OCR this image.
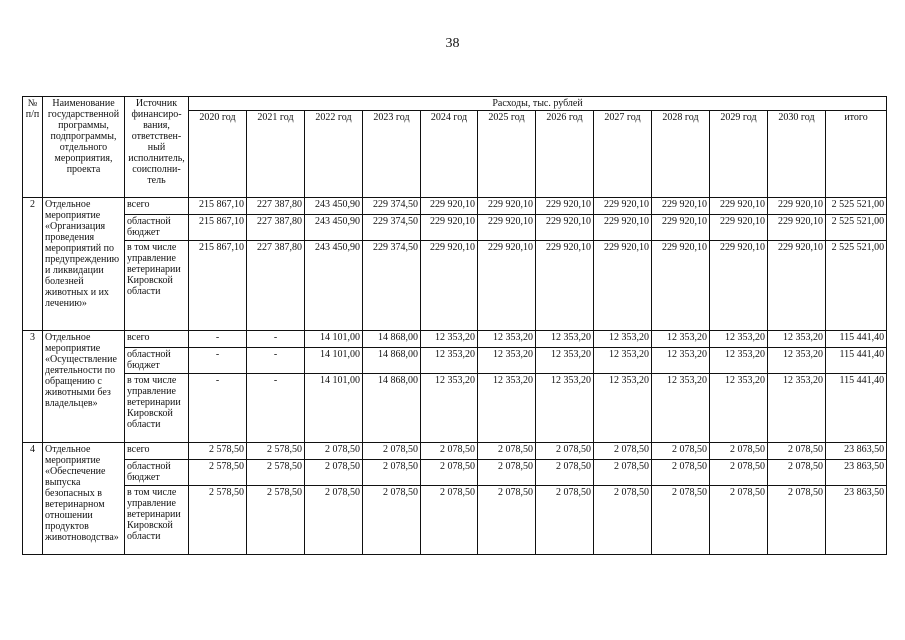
38
№ п/п	Наименование государственной программы, подпрограммы, отдельного мероприятия, проекта	Источник финансиро-вания, ответствен-ный исполнитель, соисполни-тель	Расходы, тыс. рублей											
			2020 год	2021 год	2022 год	2023 год	2024 год	2025 год	2026 год	2027 год	2028 год	2029 год	2030 год	итого
2	Отдельное мероприятие «Организация проведения мероприятий по предупреждению и ликвидации болезней животных и их лечению»	всего	215 867,10	227 387,80	243 450,90	229 374,50	229 920,10	229 920,10	229 920,10	229 920,10	229 920,10	229 920,10	229 920,10	2 525 521,00
		областной бюджет	215 867,10	227 387,80	243 450,90	229 374,50	229 920,10	229 920,10	229 920,10	229 920,10	229 920,10	229 920,10	229 920,10	2 525 521,00
		в том числе управление ветеринарии Кировской области	215 867,10	227 387,80	243 450,90	229 374,50	229 920,10	229 920,10	229 920,10	229 920,10	229 920,10	229 920,10	229 920,10	2 525 521,00
3	Отдельное мероприятие «Осуществление деятельности по обращению с животными без владельцев»	всего	-	-	14 101,00	14 868,00	12 353,20	12 353,20	12 353,20	12 353,20	12 353,20	12 353,20	12 353,20	115 441,40
		областной бюджет	-	-	14 101,00	14 868,00	12 353,20	12 353,20	12 353,20	12 353,20	12 353,20	12 353,20	12 353,20	115 441,40
		в том числе управление ветеринарии Кировской области	-	-	14 101,00	14 868,00	12 353,20	12 353,20	12 353,20	12 353,20	12 353,20	12 353,20	12 353,20	115 441,40
4	Отдельное мероприятие «Обеспечение выпуска безопасных в ветеринарном отношении продуктов животноводства»	всего	2 578,50	2 578,50	2 078,50	2 078,50	2 078,50	2 078,50	2 078,50	2 078,50	2 078,50	2 078,50	2 078,50	23 863,50
		областной бюджет	2 578,50	2 578,50	2 078,50	2 078,50	2 078,50	2 078,50	2 078,50	2 078,50	2 078,50	2 078,50	2 078,50	23 863,50
		в том числе управление ветеринарии Кировской области	2 578,50	2 578,50	2 078,50	2 078,50	2 078,50	2 078,50	2 078,50	2 078,50	2 078,50	2 078,50	2 078,50	23 863,50
